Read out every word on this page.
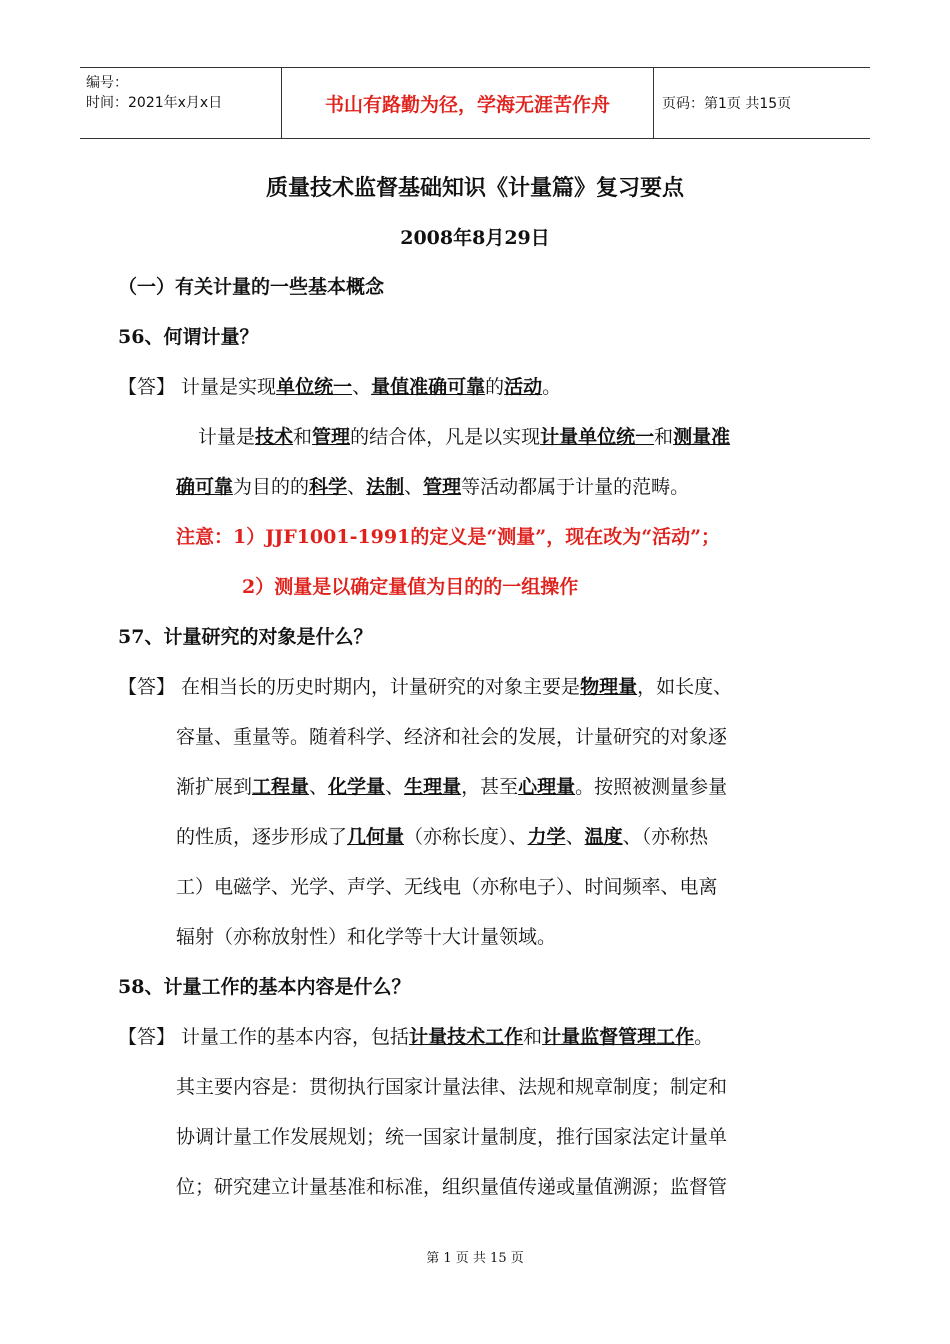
编号：
时间：2021年x月x日	书山有路勤为径，学海无涯苦作舟	页码：第1页 共15页
质量技术监督基础知识《计量篇》复习要点
2008年8月29日
（一）有关计量的一些基本概念
56、何谓计量？
【答】 计量是实现单位统一、量值准确可靠的活动。
计量是技术和管理的结合体，凡是以实现计量单位统一和测量准
确可靠为目的的科学、法制、管理等活动都属于计量的范畴。
注意：1）JJF1001-1991的定义是“测量”，现在改为“活动”；
2）测量是以确定量值为目的的一组操作
57、计量研究的对象是什么？
【答】 在相当长的历史时期内，计量研究的对象主要是物理量，如长度、
容量、重量等。随着科学、经济和社会的发展，计量研究的对象逐
渐扩展到工程量、化学量、生理量，甚至心理量。按照被测量参量
的性质，逐步形成了几何量（亦称长度）、力学、温度、（亦称热
工）电磁学、光学、声学、无线电（亦称电子）、时间频率、电离
辐射（亦称放射性）和化学等十大计量领域。
58、计量工作的基本内容是什么？
【答】 计量工作的基本内容，包括计量技术工作和计量监督管理工作。
其主要内容是：贯彻执行国家计量法律、法规和规章制度；制定和
协调计量工作发展规划；统一国家计量制度，推行国家法定计量单
位；研究建立计量基准和标准，组织量值传递或量值溯源；监督管
第 1 页 共 15 页
